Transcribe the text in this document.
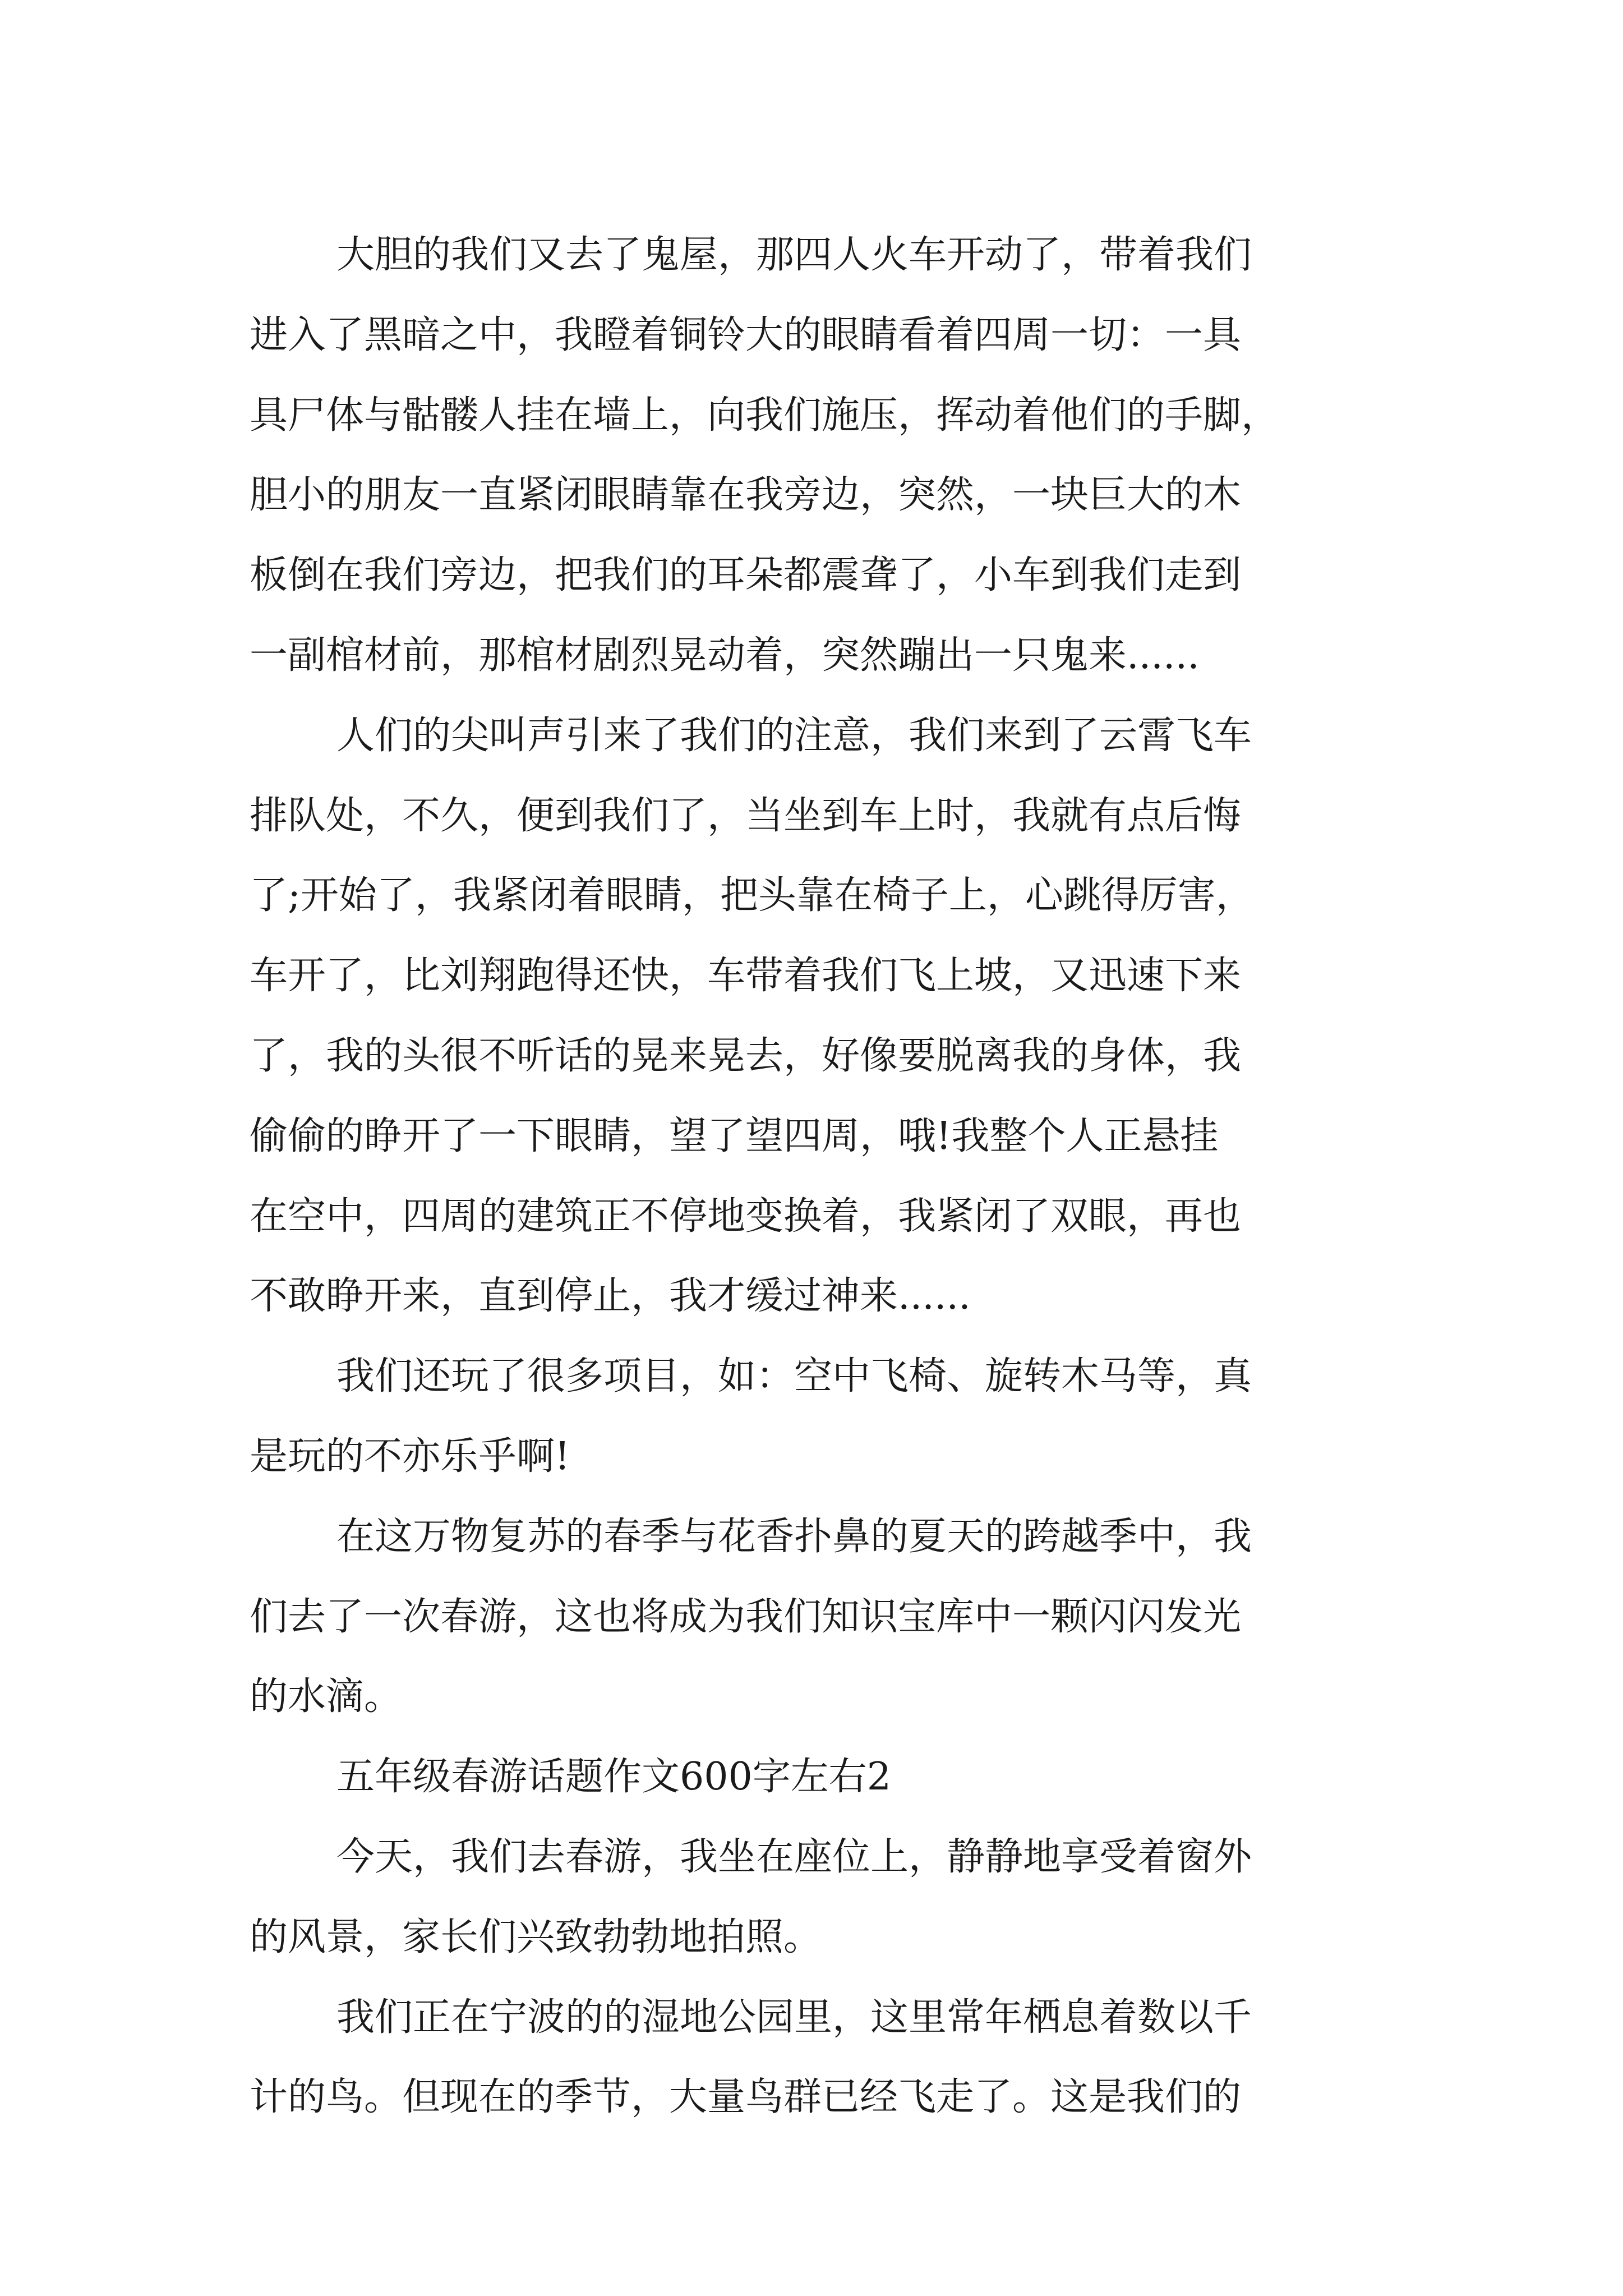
大胆的我们又去了鬼屋，那四人火车开动了，带着我们
进入了黑暗之中，我瞪着铜铃大的眼睛看着四周一切：一具
具尸体与骷髅人挂在墙上，向我们施压，挥动着他们的手脚，
胆小的朋友一直紧闭眼睛靠在我旁边，突然，一块巨大的木
板倒在我们旁边，把我们的耳朵都震聋了，小车到我们走到
一副棺材前，那棺材剧烈晃动着，突然蹦出一只鬼来......
人们的尖叫声引来了我们的注意，我们来到了云霄飞车
排队处，不久，便到我们了，当坐到车上时，我就有点后悔
了;开始了，我紧闭着眼睛，把头靠在椅子上，心跳得厉害，
车开了，比刘翔跑得还快，车带着我们飞上坡，又迅速下来
了，我的头很不听话的晃来晃去，好像要脱离我的身体，我
偷偷的睁开了一下眼睛，望了望四周，哦!我整个人正悬挂
在空中，四周的建筑正不停地变换着，我紧闭了双眼，再也
不敢睁开来，直到停止，我才缓过神来......
我们还玩了很多项目，如：空中飞椅、旋转木马等，真
是玩的不亦乐乎啊!
在这万物复苏的春季与花香扑鼻的夏天的跨越季中，我
们去了一次春游，这也将成为我们知识宝库中一颗闪闪发光
的水滴。
五年级春游话题作文600字左右2
今天，我们去春游，我坐在座位上，静静地享受着窗外
的风景，家长们兴致勃勃地拍照。
我们正在宁波的的湿地公园里，这里常年栖息着数以千
计的鸟。但现在的季节，大量鸟群已经飞走了。这是我们的
